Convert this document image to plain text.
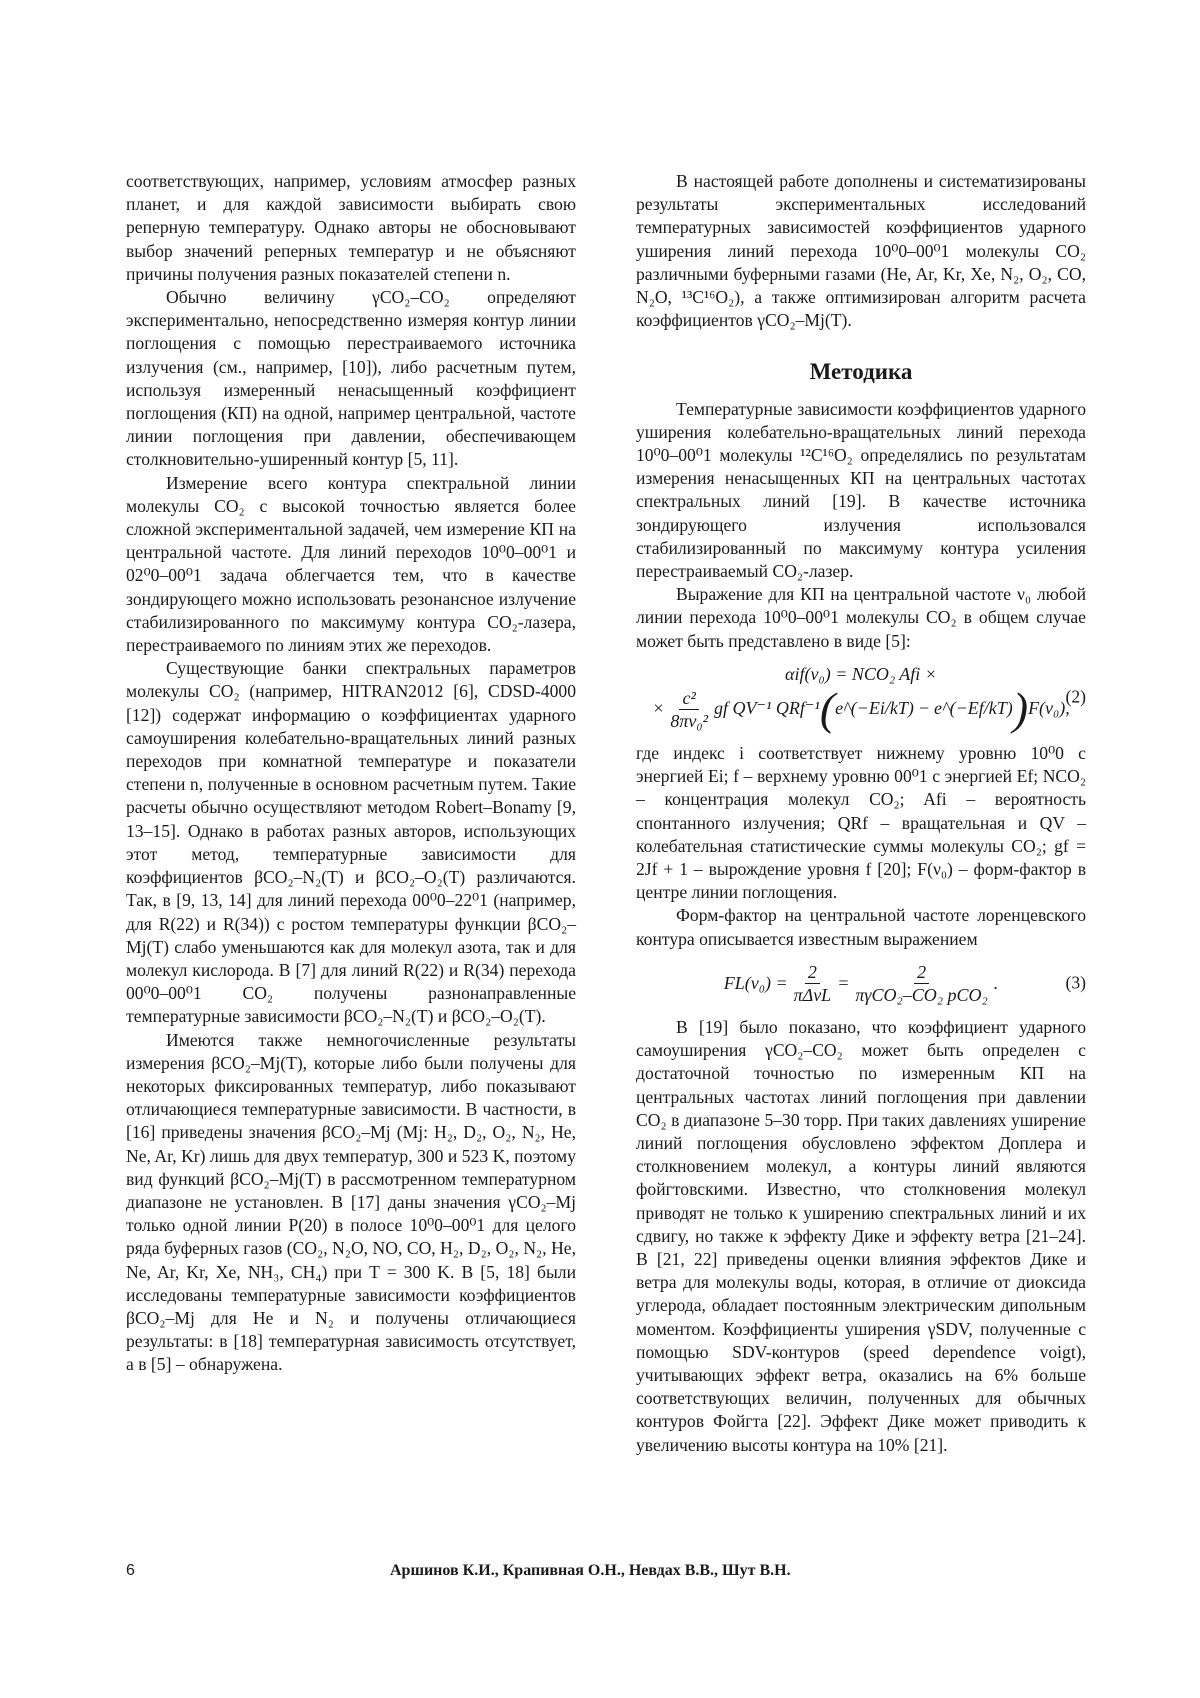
соответствующих, например, условиям атмосфер разных планет, и для каждой зависимости выбирать свою реперную температуру. Однако авторы не обосновывают выбор значений реперных температур и не объясняют причины получения разных показателей степени n.

Обычно величину γCO₂–CO₂ определяют экспериментально, непосредственно измеряя контур линии поглощения с помощью перестраиваемого источника излучения (см., например, [10]), либо расчетным путем, используя измеренный ненасыщенный коэффициент поглощения (КП) на одной, например центральной, частоте линии поглощения при давлении, обеспечивающем столкновительно-уширенный контур [5, 11].

Измерение всего контура спектральной линии молекулы CO₂ с высокой точностью является более сложной экспериментальной задачей, чем измерение КП на центральной частоте. Для линий переходов 10⁰0–00⁰1 и 02⁰0–00⁰1 задача облегчается тем, что в качестве зондирующего можно использовать резонансное излучение стабилизированного по максимуму контура CO₂-лазера, перестраиваемого по линиям этих же переходов.

Существующие банки спектральных параметров молекулы CO₂ (например, HITRAN2012 [6], CDSD-4000 [12]) содержат информацию о коэффициентах ударного самоуширения колебательно-вращательных линий разных переходов при комнатной температуре и показатели степени n, полученные в основном расчетным путем. Такие расчеты обычно осуществляют методом Robert–Bonamy [9, 13–15]. Однако в работах разных авторов, использующих этот метод, температурные зависимости для коэффициентов βCO₂–N₂(T) и βCO₂–O₂(T) различаются. Так, в [9, 13, 14] для линий перехода 00⁰0–22⁰1 (например, для R(22) и R(34)) с ростом температуры функции βCO₂–Mj(T) слабо уменьшаются как для молекул азота, так и для молекул кислорода. В [7] для линий R(22) и R(34) перехода 00⁰0–00⁰1 CO₂ получены разнонаправленные температурные зависимости βCO₂–N₂(T) и βCO₂–O₂(T).

Имеются также немногочисленные результаты измерения βCO₂–Mj(T), которые либо были получены для некоторых фиксированных температур, либо показывают отличающиеся температурные зависимости. В частности, в [16] приведены значения βCO₂–Mj (Mj: H₂, D₂, O₂, N₂, He, Ne, Ar, Kr) лишь для двух температур, 300 и 523 K, поэтому вид функций βCO₂–Mj(T) в рассмотренном температурном диапазоне не установлен. В [17] даны значения γCO₂–Mj только одной линии P(20) в полосе 10⁰0–00⁰1 для целого ряда буферных газов (CO₂, N₂O, NO, CO, H₂, D₂, O₂, N₂, He, Ne, Ar, Kr, Xe, NH₃, CH₄) при T = 300 K. В [5, 18] были исследованы температурные зависимости коэффициентов βCO₂–Mj для He и N₂ и получены отличающиеся результаты: в [18] температурная зависимость отсутствует, а в [5] – обнаружена.

В настоящей работе дополнены и систематизированы результаты экспериментальных исследований температурных зависимостей коэффициентов ударного уширения линий перехода 10⁰0–00⁰1 молекулы CO₂ различными буферными газами (He, Ar, Kr, Xe, N₂, O₂, CO, N₂O, ¹³C¹⁶O₂), а также оптимизирован алгоритм расчета коэффициентов γCO₂–Mj(T).

Методика

Температурные зависимости коэффициентов ударного уширения колебательно-вращательных линий перехода 10⁰0–00⁰1 молекулы ¹²C¹⁶O₂ определялись по результатам измерения ненасыщенных КП на центральных частотах спектральных линий [19]. В качестве источника зондирующего излучения использовался стабилизированный по максимуму контура усиления перестраиваемый CO₂-лазер.

Выражение для КП на центральной частоте ν₀ любой линии перехода 10⁰0–00⁰1 молекулы CO₂ в общем случае может быть представлено в виде [5]:

αif(ν₀) = NCO₂ Afi ×
× $\frac{\text{c²}}{\text{8πν₀²}}$ gf QV⁻¹ QRf⁻¹ ( e^(−Ei/kT) − e^(−Ef/kT) ) F(ν₀),
(2)

где индекс i соответствует нижнему уровню 10⁰0 с энергией Ei; f – верхнему уровню 00⁰1 с энергией Ef; NCO₂ – концентрация молекул CO₂; Afi – вероятность спонтанного излучения; QRf – вращательная и QV – колебательная статистические суммы молекулы CO₂; gf = 2Jf + 1 – вырождение уровня f [20]; F(ν₀) – форм-фактор в центре линии поглощения.

Форм-фактор на центральной частоте лоренцевского контура описывается известным выражением

$FL(\nu_0) = \frac{2}{\text{πΔνL}} = \frac{2}{\text{πγCO₂–CO₂ pCO₂}}$ .	(3)

В [19] было показано, что коэффициент ударного самоуширения γCO₂–CO₂ может быть определен с достаточной точностью по измеренным КП на центральных частотах линий поглощения при давлении CO₂ в диапазоне 5–30 торр. При таких давлениях уширение линий поглощения обусловлено эффектом Доплера и столкновением молекул, а контуры линий являются фойгтовскими. Известно, что столкновения молекул приводят не только к уширению спектральных линий и их сдвигу, но также к эффекту Дике и эффекту ветра [21–24]. В [21, 22] приведены оценки влияния эффектов Дике и ветра для молекулы воды, которая, в отличие от диоксида углерода, обладает постоянным электрическим дипольным моментом. Коэффициенты уширения γSDV, полученные с помощью SDV-контуров (speed dependence voigt), учитывающих эффект ветра, оказались на 6% больше соответствующих величин, полученных для обычных контуров Фойгта [22]. Эффект Дике может приводить к увеличению высоты контура на 10% [21].

6	Аршинов К.И., Крапивная О.Н., Невдах В.В., Шут В.Н.
